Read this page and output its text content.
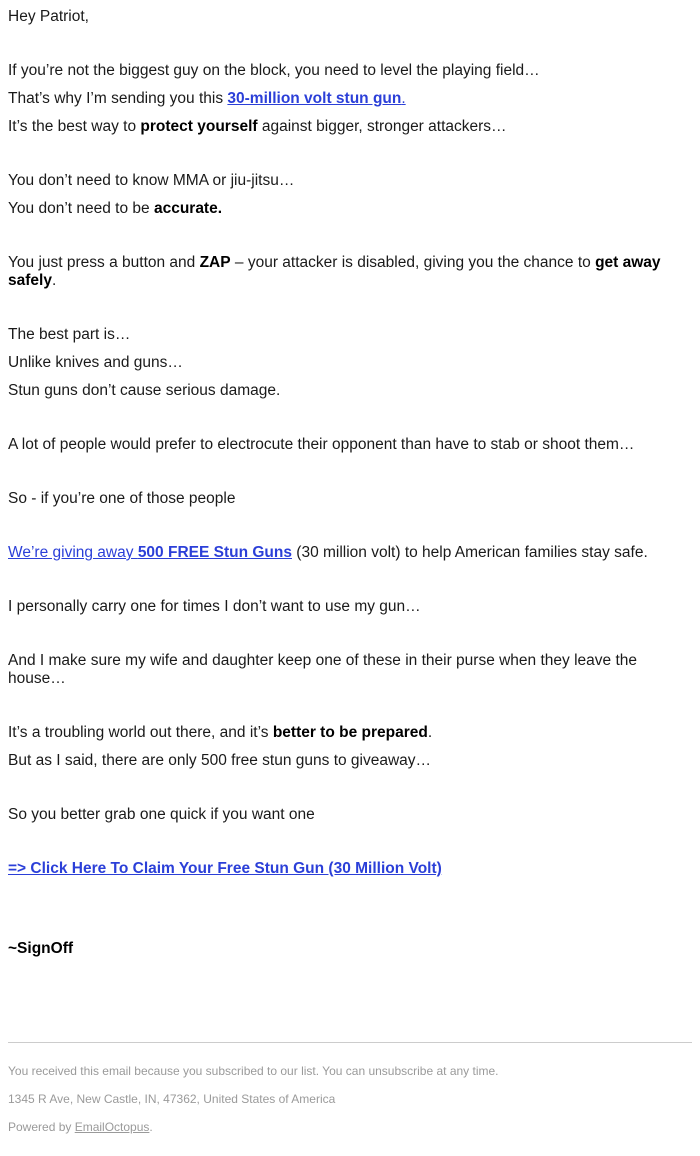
Hey Patriot,
If you’re not the biggest guy on the block, you need to level the playing field…
That’s why I’m sending you this 30-million volt stun gun.
It’s the best way to protect yourself against bigger, stronger attackers…
You don’t need to know MMA or jiu-jitsu…
You don’t need to be accurate.
You just press a button and ZAP – your attacker is disabled, giving you the chance to get away safely.
The best part is…
Unlike knives and guns…
Stun guns don’t cause serious damage.
A lot of people would prefer to electrocute their opponent than have to stab or shoot them…
So - if you’re one of those people
We’re giving away 500 FREE Stun Guns (30 million volt) to help American families stay safe.
I personally carry one for times I don’t want to use my gun…
And I make sure my wife and daughter keep one of these in their purse when they leave the house…
It’s a troubling world out there, and it’s better to be prepared.
But as I said, there are only 500 free stun guns to giveaway…
So you better grab one quick if you want one
=> Click Here To Claim Your Free Stun Gun (30 Million Volt)
~SignOff
You received this email because you subscribed to our list. You can unsubscribe at any time.
1345 R Ave, New Castle, IN, 47362, United States of America
Powered by EmailOctopus.
